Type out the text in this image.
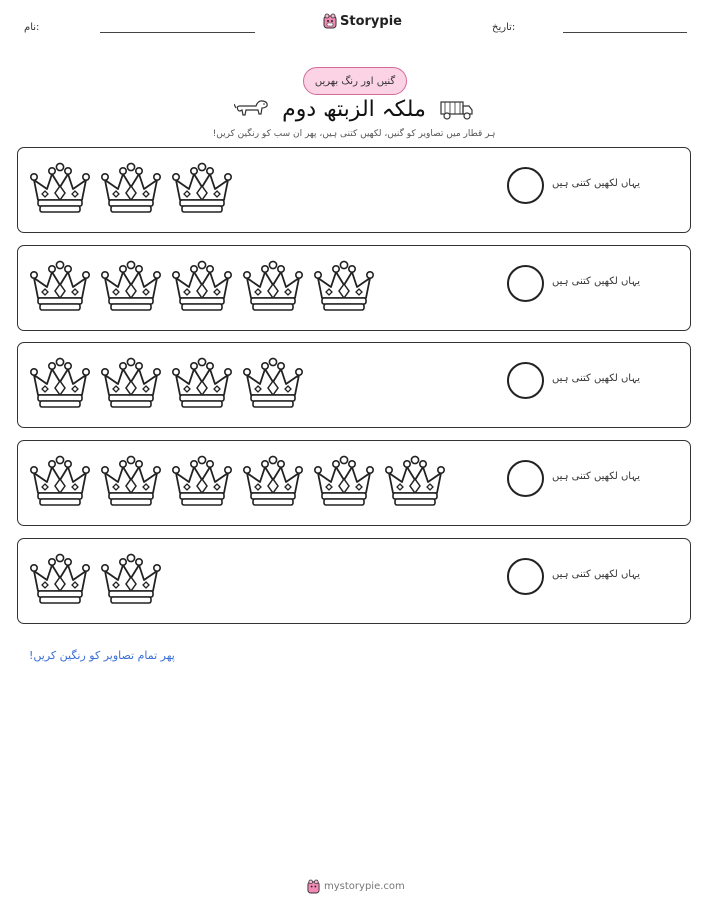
نام:	Storypie	تاریخ:
گنیں اور رنگ بھریں
ملکہ الزبتھ دوم
ہر قطار میں تصاویر کو گنیں، لکھیں کتنی ہیں، پھر ان سب کو رنگین کریں!
یہاں لکھیں کتنی ہیں
یہاں لکھیں کتنی ہیں
یہاں لکھیں کتنی ہیں
یہاں لکھیں کتنی ہیں
یہاں لکھیں کتنی ہیں
پھر تمام تصاویر کو رنگین کریں!
mystorypie.com
